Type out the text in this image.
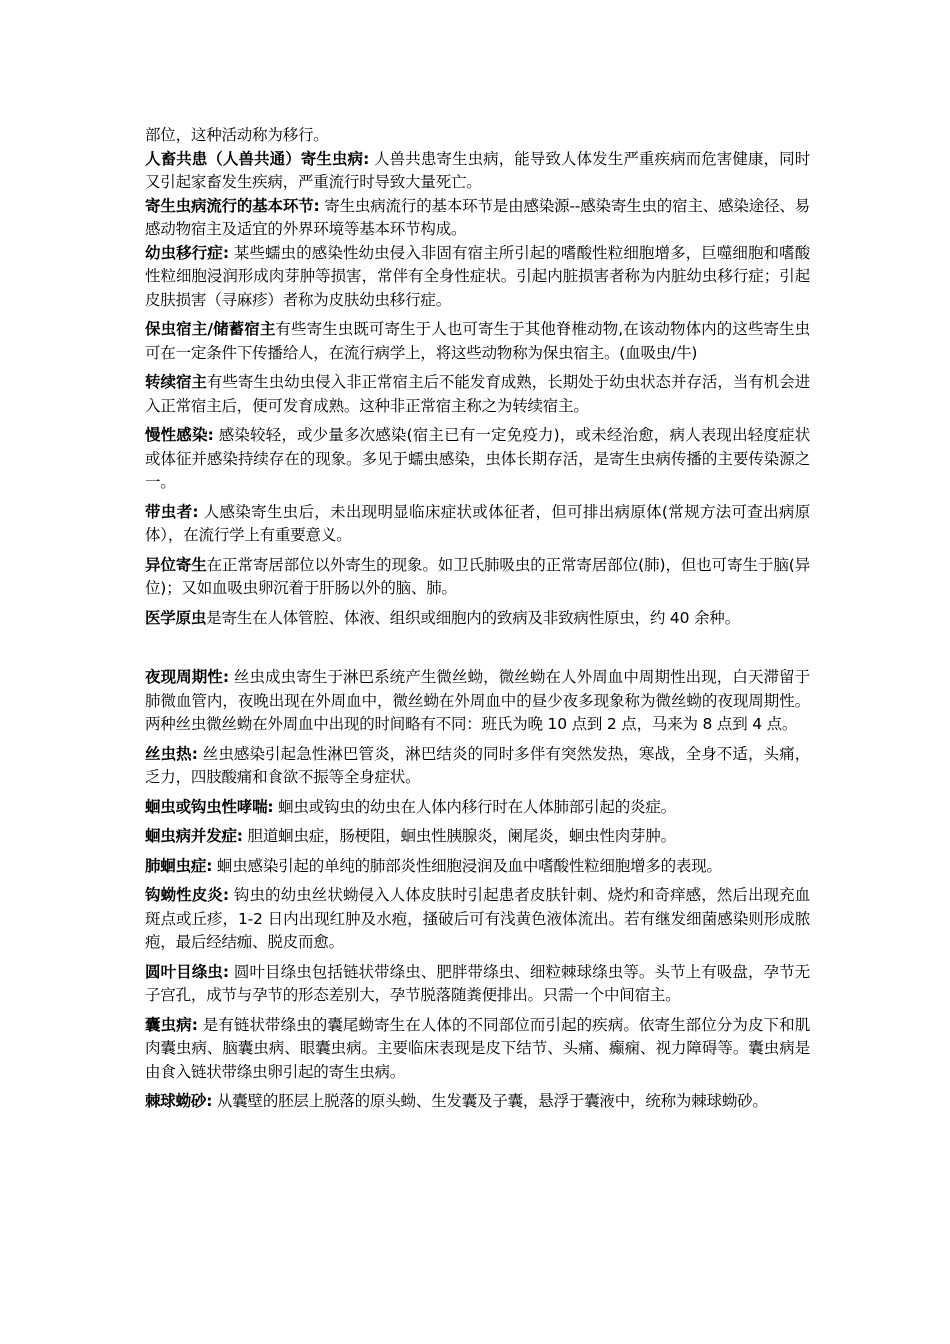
部位，这种活动称为移行。

人畜共患（人兽共通）寄生虫病: 人兽共患寄生虫病，能导致人体发生严重疾病而危害健康，同时又引起家畜发生疾病，严重流行时导致大量死亡。

寄生虫病流行的基本环节: 寄生虫病流行的基本环节是由感染源--感染寄生虫的宿主、感染途径、易感动物宿主及适宜的外界环境等基本环节构成。

幼虫移行症: 某些蠕虫的感染性幼虫侵入非固有宿主所引起的嗜酸性粒细胞增多，巨噬细胞和嗜酸性粒细胞浸润形成肉芽肿等损害，常伴有全身性症状。引起内脏损害者称为内脏幼虫移行症；引起皮肤损害（寻麻疹）者称为皮肤幼虫移行症。

保虫宿主/储蓄宿主有些寄生虫既可寄生于人也可寄生于其他脊椎动物,在该动物体内的这些寄生虫可在一定条件下传播给人，在流行病学上，将这些动物称为保虫宿主。(血吸虫/牛)

转续宿主有些寄生虫幼虫侵入非正常宿主后不能发育成熟，长期处于幼虫状态并存活，当有机会进入正常宿主后，便可发育成熟。这种非正常宿主称之为转续宿主。

慢性感染: 感染较轻，或少量多次感染(宿主已有一定免疫力)，或未经治愈，病人表现出轻度症状或体征并感染持续存在的现象。多见于蠕虫感染，虫体长期存活，是寄生虫病传播的主要传染源之一。

带虫者: 人感染寄生虫后，未出现明显临床症状或体征者，但可排出病原体(常规方法可查出病原体），在流行学上有重要意义。

异位寄生在正常寄居部位以外寄生的现象。如卫氏肺吸虫的正常寄居部位(肺)，但也可寄生于脑(异位)；又如血吸虫卵沉着于肝肠以外的脑、肺。

医学原虫是寄生在人体管腔、体液、组织或细胞内的致病及非致病性原虫，约 40 余种。

夜现周期性: 丝虫成虫寄生于淋巴系统产生微丝蚴，微丝蚴在人外周血中周期性出现，白天滞留于肺微血管内，夜晚出现在外周血中，微丝蚴在外周血中的昼少夜多现象称为微丝蚴的夜现周期性。两种丝虫微丝蚴在外周血中出现的时间略有不同：班氏为晚 10 点到 2 点，马来为 8 点到 4 点。

丝虫热: 丝虫感染引起急性淋巴管炎，淋巴结炎的同时多伴有突然发热，寒战，全身不适，头痛，乏力，四肢酸痛和食欲不振等全身症状。

蛔虫或钩虫性哮喘: 蛔虫或钩虫的幼虫在人体内移行时在人体肺部引起的炎症。

蛔虫病并发症: 胆道蛔虫症，肠梗阻，蛔虫性胰腺炎，阑尾炎，蛔虫性肉芽肿。

肺蛔虫症: 蛔虫感染引起的单纯的肺部炎性细胞浸润及血中嗜酸性粒细胞增多的表现。

钩蚴性皮炎: 钩虫的幼虫丝状蚴侵入人体皮肤时引起患者皮肤针刺、烧灼和奇痒感，然后出现充血斑点或丘疹，1-2 日内出现红肿及水疱，搔破后可有浅黄色液体流出。若有继发细菌感染则形成脓疱，最后经结痂、脱皮而愈。

圆叶目绦虫: 圆叶目绦虫包括链状带绦虫、肥胖带绦虫、细粒棘球绦虫等。头节上有吸盘，孕节无子宫孔，成节与孕节的形态差别大，孕节脱落随粪便排出。只需一个中间宿主。

囊虫病: 是有链状带绦虫的囊尾蚴寄生在人体的不同部位而引起的疾病。依寄生部位分为皮下和肌肉囊虫病、脑囊虫病、眼囊虫病。主要临床表现是皮下结节、头痛、癫痫、视力障碍等。囊虫病是由食入链状带绦虫卵引起的寄生虫病。

棘球蚴砂: 从囊壁的胚层上脱落的原头蚴、生发囊及子囊，悬浮于囊液中，统称为棘球蚴砂。
